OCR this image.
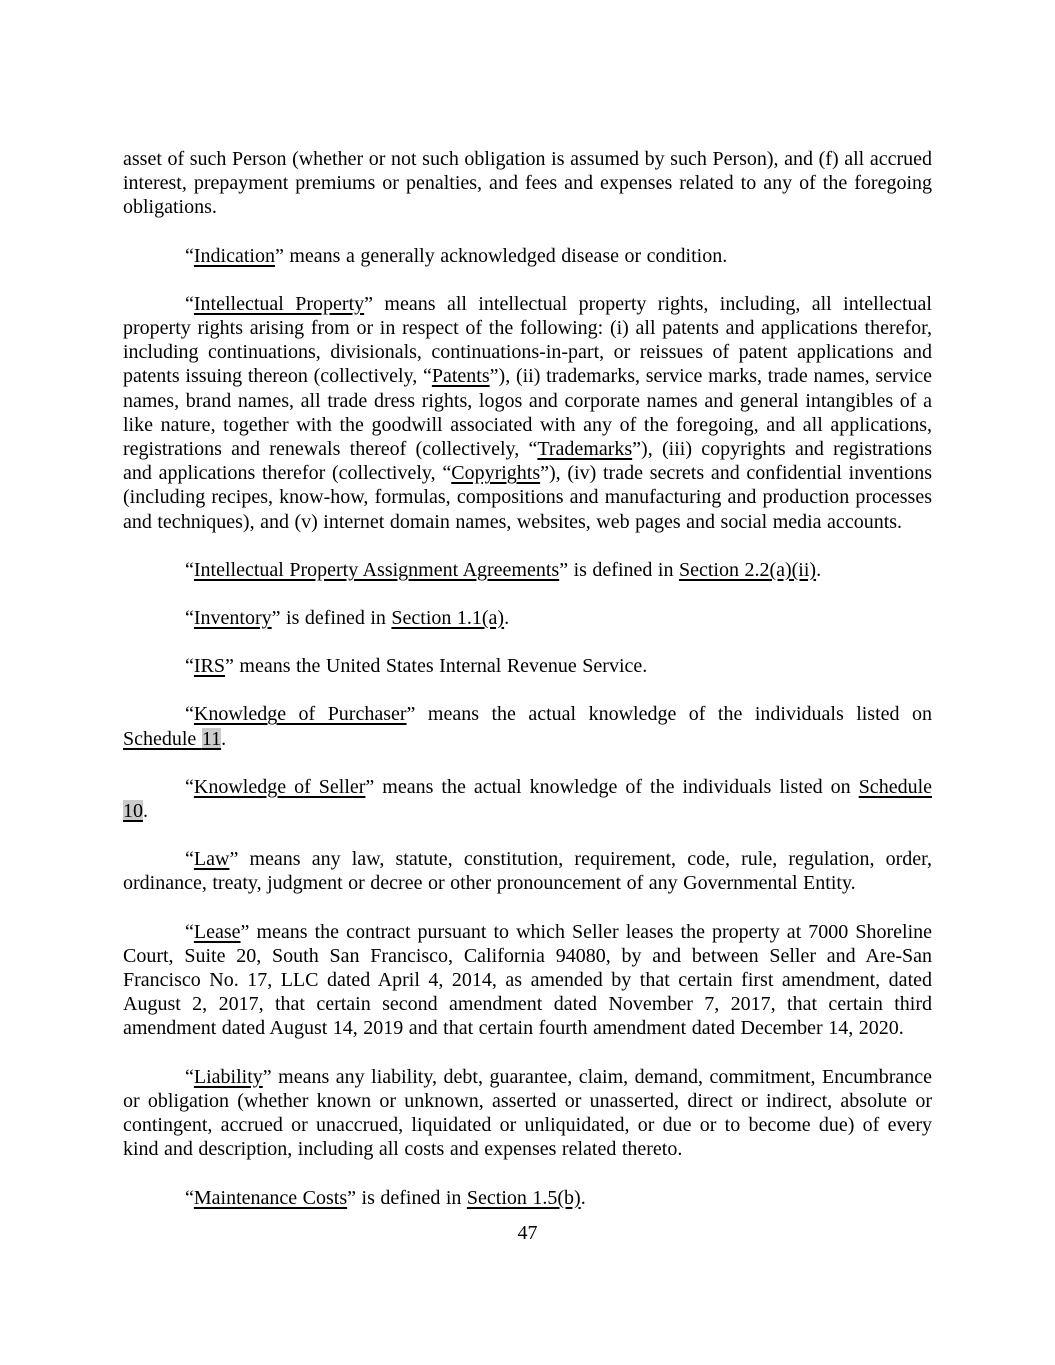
asset of such Person (whether or not such obligation is assumed by such Person), and (f) all accrued interest, prepayment premiums or penalties, and fees and expenses related to any of the foregoing obligations.

“Indication” means a generally acknowledged disease or condition.

“Intellectual Property” means all intellectual property rights, including, all intellectual property rights arising from or in respect of the following: (i) all patents and applications therefor, including continuations, divisionals, continuations-in-part, or reissues of patent applications and patents issuing thereon (collectively, “Patents”), (ii) trademarks, service marks, trade names, service names, brand names, all trade dress rights, logos and corporate names and general intangibles of a like nature, together with the goodwill associated with any of the foregoing, and all applications, registrations and renewals thereof (collectively, “Trademarks”), (iii) copyrights and registrations and applications therefor (collectively, “Copyrights”), (iv) trade secrets and confidential inventions (including recipes, know-how, formulas, compositions and manufacturing and production processes and techniques), and (v) internet domain names, websites, web pages and social media accounts.

“Intellectual Property Assignment Agreements” is defined in Section 2.2(a)(ii).

“Inventory” is defined in Section 1.1(a).

“IRS” means the United States Internal Revenue Service.

“Knowledge of Purchaser” means the actual knowledge of the individuals listed on Schedule 11.

“Knowledge of Seller” means the actual knowledge of the individuals listed on Schedule 10.

“Law” means any law, statute, constitution, requirement, code, rule, regulation, order, ordinance, treaty, judgment or decree or other pronouncement of any Governmental Entity.

“Lease” means the contract pursuant to which Seller leases the property at 7000 Shoreline Court, Suite 20, South San Francisco, California 94080, by and between Seller and Are-San Francisco No. 17, LLC dated April 4, 2014, as amended by that certain first amendment, dated August 2, 2017, that certain second amendment dated November 7, 2017, that certain third amendment dated August 14, 2019 and that certain fourth amendment dated December 14, 2020.

“Liability” means any liability, debt, guarantee, claim, demand, commitment, Encumbrance or obligation (whether known or unknown, asserted or unasserted, direct or indirect, absolute or contingent, accrued or unaccrued, liquidated or unliquidated, or due or to become due) of every kind and description, including all costs and expenses related thereto.

“Maintenance Costs” is defined in Section 1.5(b).

47
